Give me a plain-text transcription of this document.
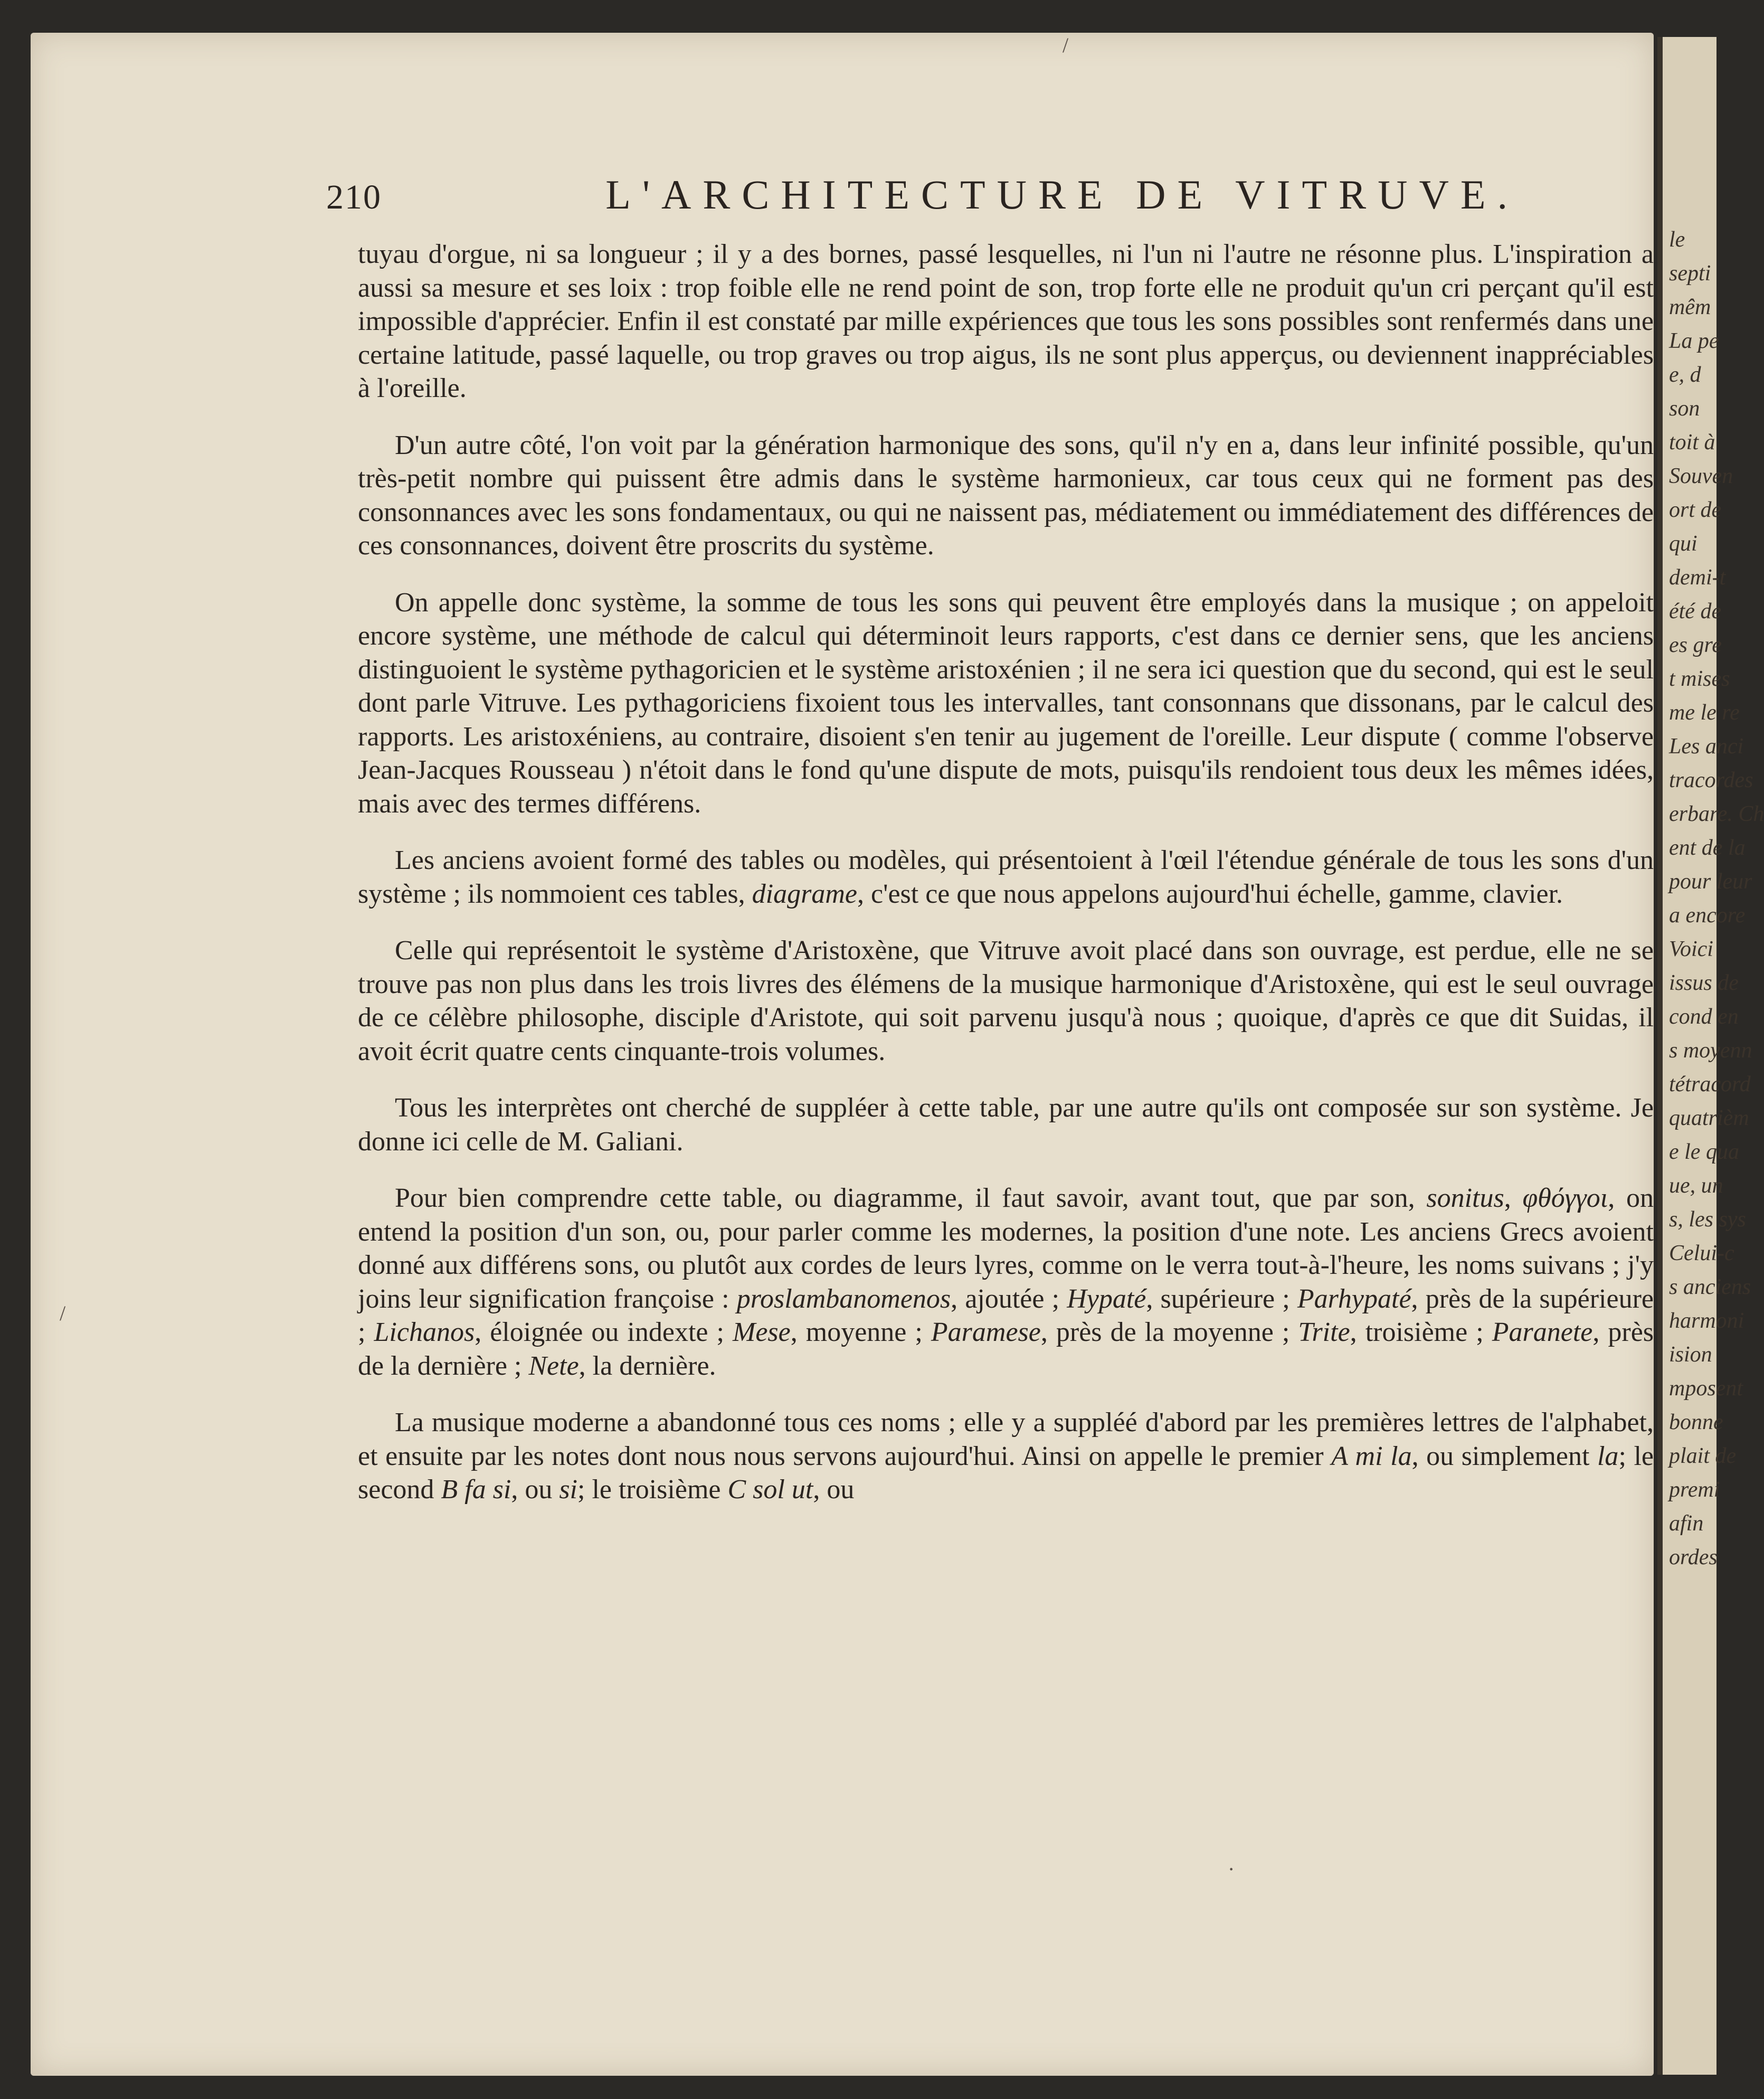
210	L'ARCHITECTURE DE VITRUVE.

tuyau d'orgue, ni sa longueur ; il y a des bornes, passé lesquelles, ni l'un ni l'autre ne résonne plus. L'inspiration a aussi sa mesure et ses loix : trop foible elle ne rend point de son, trop forte elle ne produit qu'un cri perçant qu'il est impossible d'apprécier. Enfin il est constaté par mille expériences que tous les sons possibles sont renfermés dans une certaine latitude, passé laquelle, ou trop graves ou trop aigus, ils ne sont plus apperçus, ou deviennent inappréciables à l'oreille.

D'un autre côté, l'on voit par la génération harmonique des sons, qu'il n'y en a, dans leur infinité possible, qu'un très-petit nombre qui puissent être admis dans le système harmonieux, car tous ceux qui ne forment pas des consonnances avec les sons fondamentaux, ou qui ne naissent pas, médiatement ou immédiatement des différences de ces consonnances, doivent être proscrits du système.

On appelle donc système, la somme de tous les sons qui peuvent être employés dans la musique ; on appeloit encore système, une méthode de calcul qui déterminoit leurs rapports, c'est dans ce dernier sens, que les anciens distinguoient le système pythagoricien et le système aristoxénien ; il ne sera ici question que du second, qui est le seul dont parle Vitruve. Les pythagoriciens fixoient tous les intervalles, tant consonnans que dissonans, par le calcul des rapports. Les aristoxéniens, au contraire, disoient s'en tenir au jugement de l'oreille. Leur dispute ( comme l'observe Jean-Jacques Rousseau ) n'étoit dans le fond qu'une dispute de mots, puisqu'ils rendoient tous deux les mêmes idées, mais avec des termes différens.

Les anciens avoient formé des tables ou modèles, qui présentoient à l'œil l'étendue générale de tous les sons d'un système ; ils nommoient ces tables, diagrame, c'est ce que nous appelons aujourd'hui échelle, gamme, clavier.

Celle qui représentoit le système d'Aristoxène, que Vitruve avoit placé dans son ouvrage, est perdue, elle ne se trouve pas non plus dans les trois livres des élémens de la musique harmonique d'Aristoxène, qui est le seul ouvrage de ce célèbre philosophe, disciple d'Aristote, qui soit parvenu jusqu'à nous ; quoique, d'après ce que dit Suidas, il avoit écrit quatre cents cinquante-trois volumes.

Tous les interprètes ont cherché de suppléer à cette table, par une autre qu'ils ont composée sur son système. Je donne ici celle de M. Galiani.

Pour bien comprendre cette table, ou diagramme, il faut savoir, avant tout, que par son, sonitus, φθόγγοι, on entend la position d'un son, ou, pour parler comme les modernes, la position d'une note. Les anciens Grecs avoient donné aux différens sons, ou plutôt aux cordes de leurs lyres, comme on le verra tout-à-l'heure, les noms suivans ; j'y joins leur signification françoise : proslambanomenos, ajoutée ; Hypaté, supérieure ; Parhypaté, près de la supérieure ; Lichanos, éloignée ou indexte ; Mese, moyenne ; Paramese, près de la moyenne ; Trite, troisième ; Paranete, près de la dernière ; Nete, la dernière.

La musique moderne a abandonné tous ces noms ; elle y a suppléé d'abord par les premières lettres de l'alphabet, et ensuite par les notes dont nous nous servons aujourd'hui. Ainsi on appelle le premier A mi la, ou simplement la; le second B fa si, ou si; le troisième C sol ut, ou

/
/
·
le
septi
mêm
La pe
e, d
son
toit à
Souven
ort de
qui
demi-t
été de
es gre
t mises
me le re
Les anci
tracordes
erbare. Ch
ent de la
pour leur
a encore
Voici
issus de
cond en
s moyenn
tétracord
quatrièm
e le qua
ue, un
s, les sys
Celui-c
s anciens
harmoni
ision
mposent
bonne
plait de
premi
afin
ordes
